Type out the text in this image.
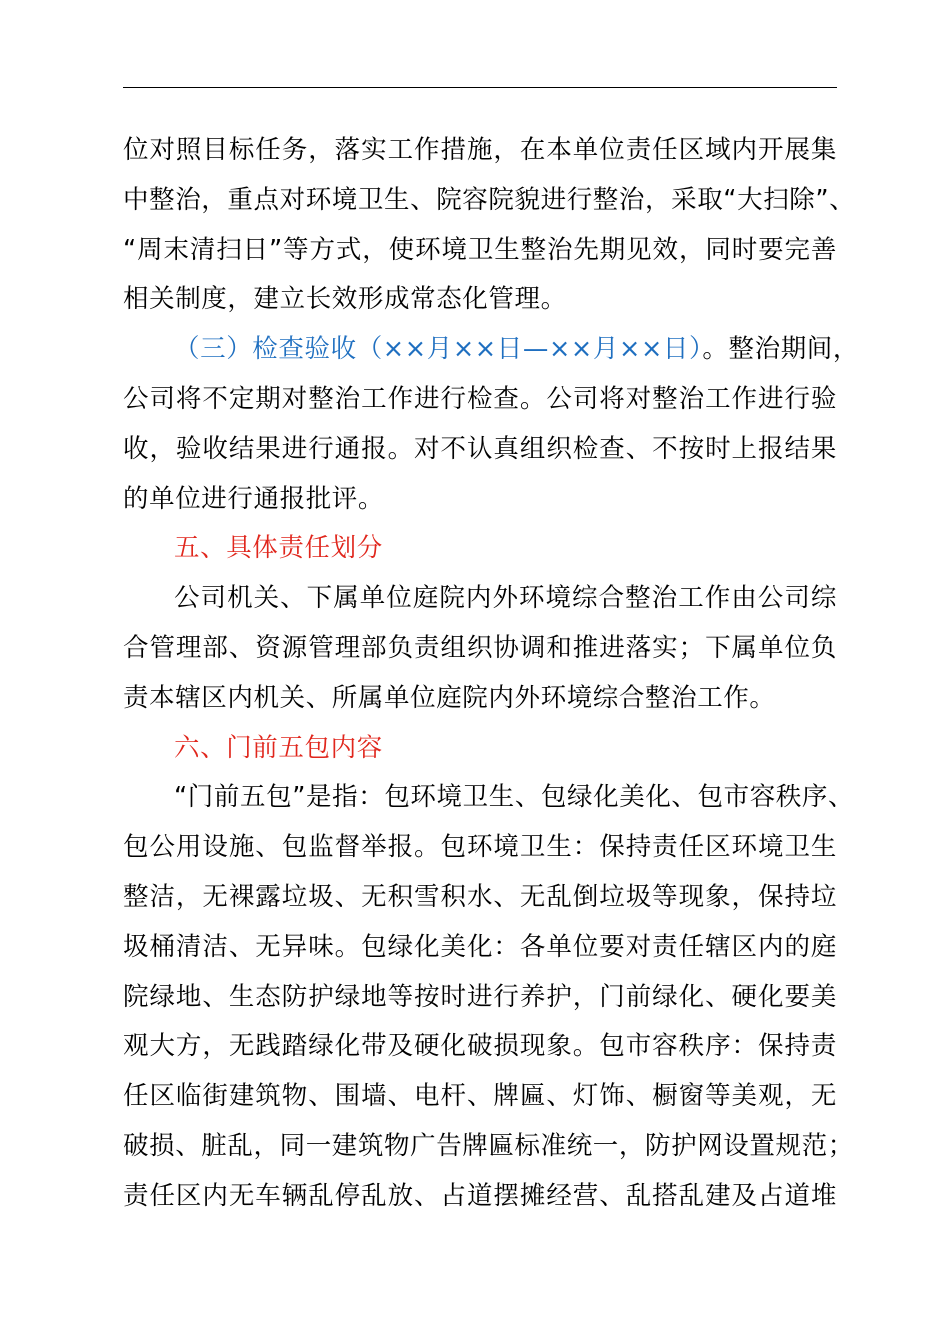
位对照目标任务，落实工作措施，在本单位责任区域内开展集
中整治，重点对环境卫生、院容院貌进行整治，采取“大扫除”、
“周末清扫日”等方式，使环境卫生整治先期见效，同时要完善
相关制度，建立长效形成常态化管理。
（三）检查验收（××月××日—××月××日）。整治期间，
公司将不定期对整治工作进行检查。公司将对整治工作进行验
收，验收结果进行通报。对不认真组织检查、不按时上报结果
的单位进行通报批评。
五、具体责任划分
公司机关、下属单位庭院内外环境综合整治工作由公司综
合管理部、资源管理部负责组织协调和推进落实；下属单位负
责本辖区内机关、所属单位庭院内外环境综合整治工作。
六、门前五包内容
“门前五包”是指：包环境卫生、包绿化美化、包市容秩序、
包公用设施、包监督举报。包环境卫生：保持责任区环境卫生
整洁，无裸露垃圾、无积雪积水、无乱倒垃圾等现象，保持垃
圾桶清洁、无异味。包绿化美化：各单位要对责任辖区内的庭
院绿地、生态防护绿地等按时进行养护，门前绿化、硬化要美
观大方，无践踏绿化带及硬化破损现象。包市容秩序：保持责
任区临街建筑物、围墙、电杆、牌匾、灯饰、橱窗等美观，无
破损、脏乱，同一建筑物广告牌匾标准统一，防护网设置规范；
责任区内无车辆乱停乱放、占道摆摊经营、乱搭乱建及占道堆
